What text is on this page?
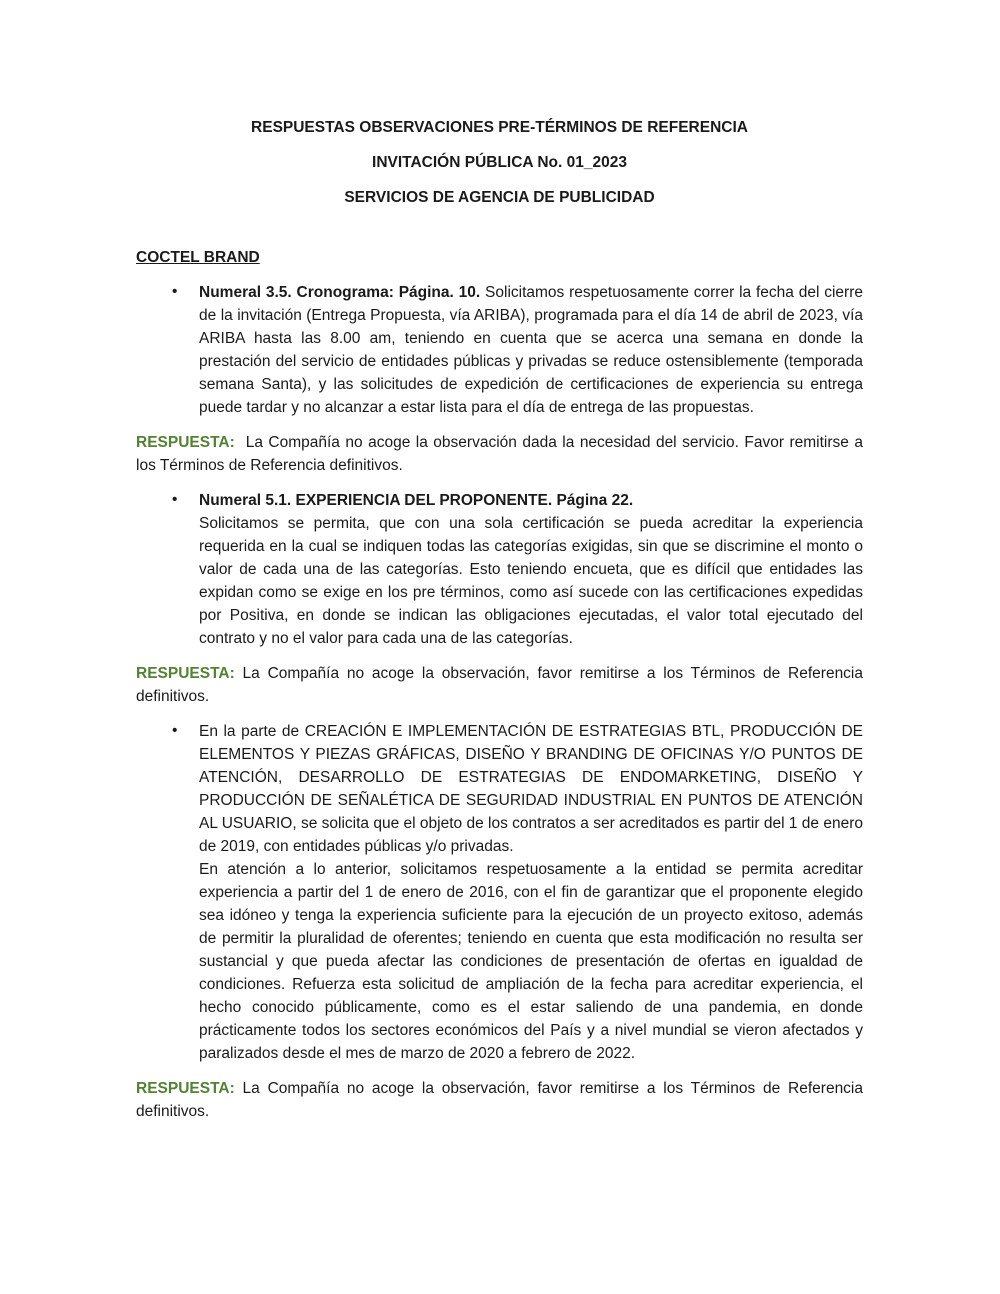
RESPUESTAS OBSERVACIONES PRE-TÉRMINOS DE REFERENCIA
INVITACIÓN PÚBLICA No. 01_2023
SERVICIOS DE AGENCIA DE PUBLICIDAD
COCTEL BRAND
• Numeral 3.5. Cronograma: Página. 10. Solicitamos respetuosamente correr la fecha del cierre de la invitación (Entrega Propuesta, vía ARIBA), programada para el día 14 de abril de 2023, vía ARIBA hasta las 8.00 am, teniendo en cuenta que se acerca una semana en donde la prestación del servicio de entidades públicas y privadas se reduce ostensiblemente (temporada semana Santa), y las solicitudes de expedición de certificaciones de experiencia su entrega puede tardar y no alcanzar a estar lista para el día de entrega de las propuestas.

RESPUESTA:  La Compañía no acoge la observación dada la necesidad del servicio. Favor remitirse a los Términos de Referencia definitivos.

• Numeral 5.1. EXPERIENCIA DEL PROPONENTE. Página 22.
Solicitamos se permita, que con una sola certificación se pueda acreditar la experiencia requerida en la cual se indiquen todas las categorías exigidas, sin que se discrimine el monto o valor de cada una de las categorías. Esto teniendo encueta, que es difícil que entidades las expidan como se exige en los pre términos, como así sucede con las certificaciones expedidas por Positiva, en donde se indican las obligaciones ejecutadas, el valor total ejecutado del contrato y no el valor para cada una de las categorías.

RESPUESTA: La Compañía no acoge la observación, favor remitirse a los Términos de Referencia definitivos.

• En la parte de CREACIÓN E IMPLEMENTACIÓN DE ESTRATEGIAS BTL, PRODUCCIÓN DE ELEMENTOS Y PIEZAS GRÁFICAS, DISEÑO Y BRANDING DE OFICINAS Y/O PUNTOS DE ATENCIÓN, DESARROLLO DE ESTRATEGIAS DE ENDOMARKETING, DISEÑO Y PRODUCCIÓN DE SEÑALÉTICA DE SEGURIDAD INDUSTRIAL EN PUNTOS DE ATENCIÓN AL USUARIO, se solicita que el objeto de los contratos a ser acreditados es partir del 1 de enero de 2019, con entidades públicas y/o privadas.
En atención a lo anterior, solicitamos respetuosamente a la entidad se permita acreditar experiencia a partir del 1 de enero de 2016, con el fin de garantizar que el proponente elegido sea idóneo y tenga la experiencia suficiente para la ejecución de un proyecto exitoso, además de permitir la pluralidad de oferentes; teniendo en cuenta que esta modificación no resulta ser sustancial y que pueda afectar las condiciones de presentación de ofertas en igualdad de condiciones. Refuerza esta solicitud de ampliación de la fecha para acreditar experiencia, el hecho conocido públicamente, como es el estar saliendo de una pandemia, en donde prácticamente todos los sectores económicos del País y a nivel mundial se vieron afectados y paralizados desde el mes de marzo de 2020 a febrero de 2022.

RESPUESTA: La Compañía no acoge la observación, favor remitirse a los Términos de Referencia definitivos.
